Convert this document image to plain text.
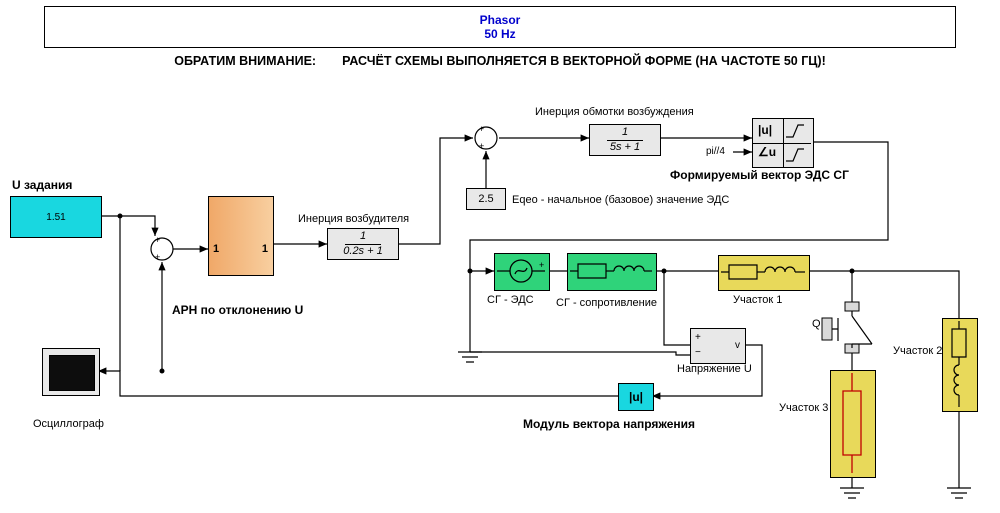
+
+
+
+
Phasor
50 Hz
ОБРАТИМ ВНИМАНИЕ: РАСЧЁТ СХЕМЫ ВЫПОЛНЯЕТСЯ В ВЕКТОРНОЙ ФОРМЕ (НА ЧАСТОТЕ 50 ГЦ)!
U задания
1.51
1	1
АРН по отклонению U
Инерция возбудителя
1
0.2s + 1
Инерция обмотки возбуждения
1
5s + 1
2.5 Eqeo - начальное (базовое) значение ЭДС
|u|
∠u
pi//4
Формируемый вектор ЭДС СГ
+
СГ - ЭДС СГ - сопротивление	Участок 1
Участок 2
Участок 3
Q
+
−
v
Напряжение U
|u|
Модуль вектора напряжения
Осциллограф
